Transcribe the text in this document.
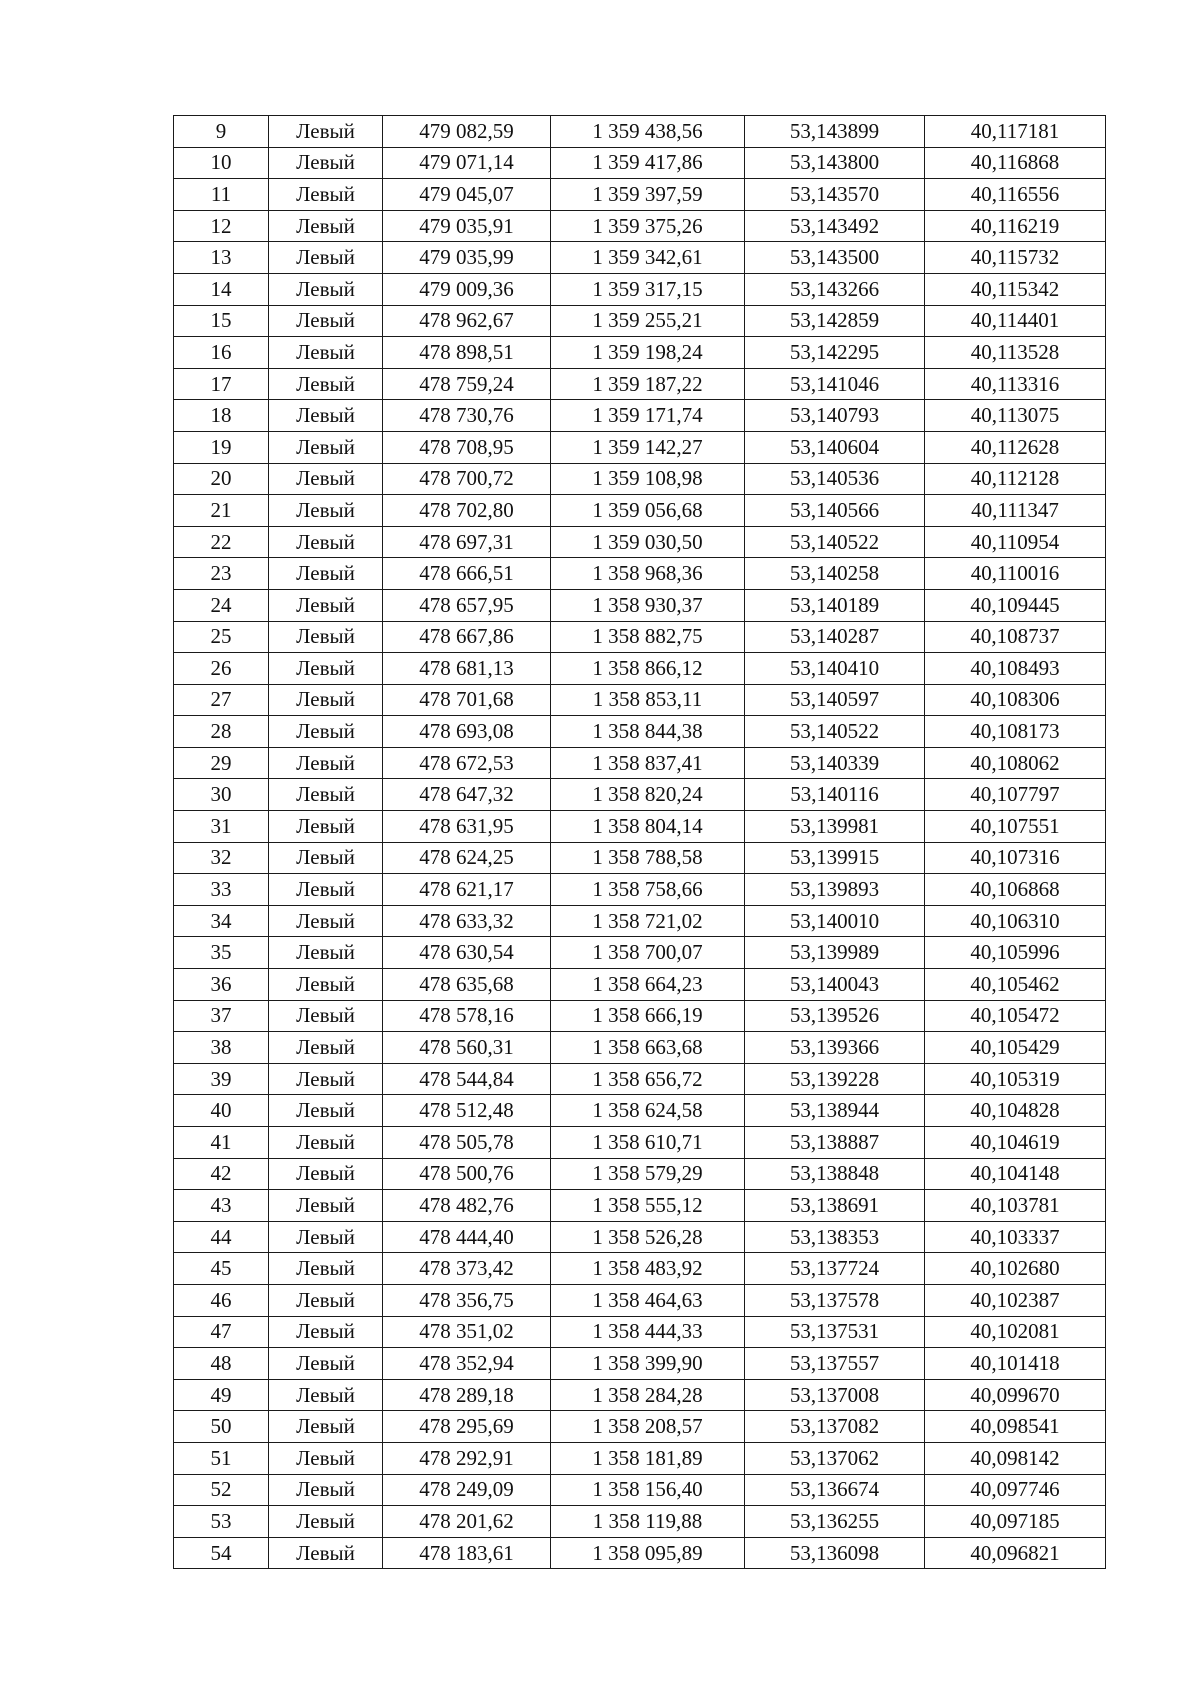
9	Левый	479 082,59	1 359 438,56	53,143899	40,117181
10	Левый	479 071,14	1 359 417,86	53,143800	40,116868
11	Левый	479 045,07	1 359 397,59	53,143570	40,116556
12	Левый	479 035,91	1 359 375,26	53,143492	40,116219
13	Левый	479 035,99	1 359 342,61	53,143500	40,115732
14	Левый	479 009,36	1 359 317,15	53,143266	40,115342
15	Левый	478 962,67	1 359 255,21	53,142859	40,114401
16	Левый	478 898,51	1 359 198,24	53,142295	40,113528
17	Левый	478 759,24	1 359 187,22	53,141046	40,113316
18	Левый	478 730,76	1 359 171,74	53,140793	40,113075
19	Левый	478 708,95	1 359 142,27	53,140604	40,112628
20	Левый	478 700,72	1 359 108,98	53,140536	40,112128
21	Левый	478 702,80	1 359 056,68	53,140566	40,111347
22	Левый	478 697,31	1 359 030,50	53,140522	40,110954
23	Левый	478 666,51	1 358 968,36	53,140258	40,110016
24	Левый	478 657,95	1 358 930,37	53,140189	40,109445
25	Левый	478 667,86	1 358 882,75	53,140287	40,108737
26	Левый	478 681,13	1 358 866,12	53,140410	40,108493
27	Левый	478 701,68	1 358 853,11	53,140597	40,108306
28	Левый	478 693,08	1 358 844,38	53,140522	40,108173
29	Левый	478 672,53	1 358 837,41	53,140339	40,108062
30	Левый	478 647,32	1 358 820,24	53,140116	40,107797
31	Левый	478 631,95	1 358 804,14	53,139981	40,107551
32	Левый	478 624,25	1 358 788,58	53,139915	40,107316
33	Левый	478 621,17	1 358 758,66	53,139893	40,106868
34	Левый	478 633,32	1 358 721,02	53,140010	40,106310
35	Левый	478 630,54	1 358 700,07	53,139989	40,105996
36	Левый	478 635,68	1 358 664,23	53,140043	40,105462
37	Левый	478 578,16	1 358 666,19	53,139526	40,105472
38	Левый	478 560,31	1 358 663,68	53,139366	40,105429
39	Левый	478 544,84	1 358 656,72	53,139228	40,105319
40	Левый	478 512,48	1 358 624,58	53,138944	40,104828
41	Левый	478 505,78	1 358 610,71	53,138887	40,104619
42	Левый	478 500,76	1 358 579,29	53,138848	40,104148
43	Левый	478 482,76	1 358 555,12	53,138691	40,103781
44	Левый	478 444,40	1 358 526,28	53,138353	40,103337
45	Левый	478 373,42	1 358 483,92	53,137724	40,102680
46	Левый	478 356,75	1 358 464,63	53,137578	40,102387
47	Левый	478 351,02	1 358 444,33	53,137531	40,102081
48	Левый	478 352,94	1 358 399,90	53,137557	40,101418
49	Левый	478 289,18	1 358 284,28	53,137008	40,099670
50	Левый	478 295,69	1 358 208,57	53,137082	40,098541
51	Левый	478 292,91	1 358 181,89	53,137062	40,098142
52	Левый	478 249,09	1 358 156,40	53,136674	40,097746
53	Левый	478 201,62	1 358 119,88	53,136255	40,097185
54	Левый	478 183,61	1 358 095,89	53,136098	40,096821
